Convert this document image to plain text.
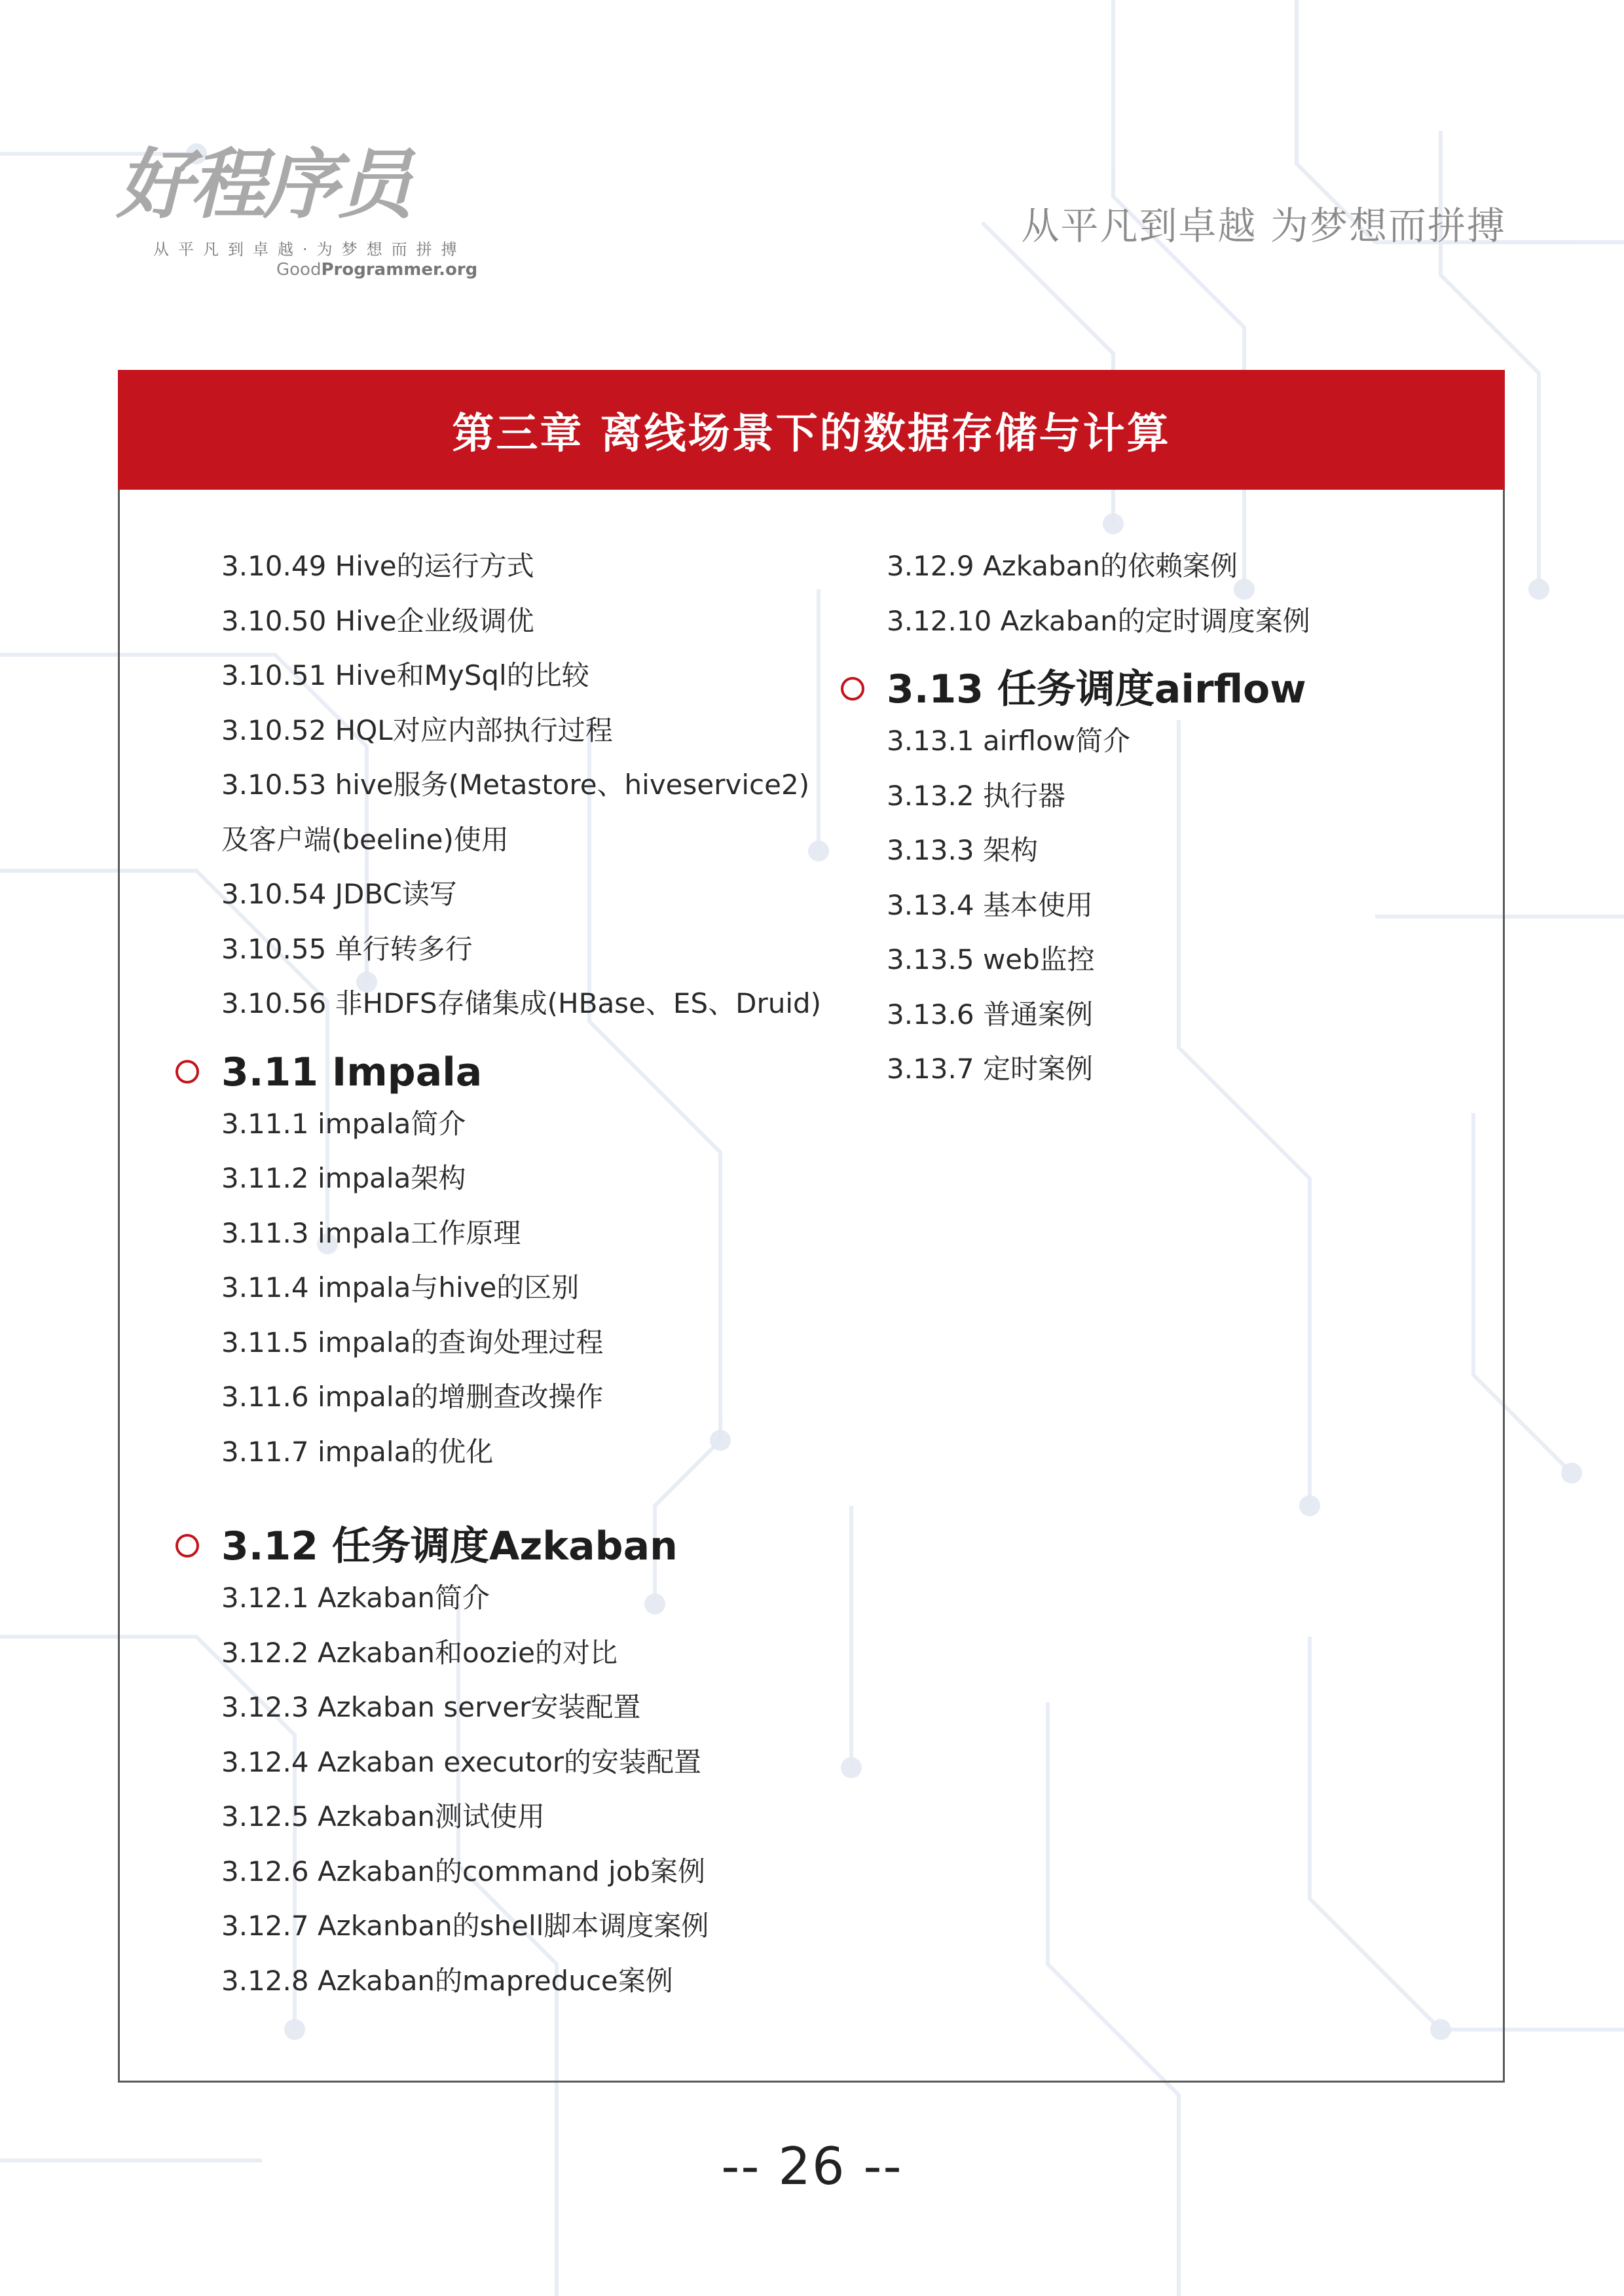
好程序员
从平凡到卓越·为梦想而拼搏
GoodProgrammer.org
从平凡到卓越 为梦想而拼搏
第三章 离线场景下的数据存储与计算
3.10.49 Hive的运行方式
3.10.50 Hive企业级调优
3.10.51 Hive和MySql的比较
3.10.52 HQL对应内部执行过程
3.10.53 hive服务(Metastore、hiveservice2)
及客户端(beeline)使用
3.10.54 JDBC读写
3.10.55 单行转多行
3.10.56 非HDFS存储集成(HBase、ES、Druid)
3.11 Impala
3.11.1 impala简介
3.11.2 impala架构
3.11.3 impala工作原理
3.11.4 impala与hive的区别
3.11.5 impala的查询处理过程
3.11.6 impala的增删查改操作
3.11.7 impala的优化
3.12 任务调度Azkaban
3.12.1 Azkaban简介
3.12.2 Azkaban和oozie的对比
3.12.3 Azkaban server安装配置
3.12.4 Azkaban executor的安装配置
3.12.5 Azkaban测试使用
3.12.6 Azkaban的command job案例
3.12.7 Azkanban的shell脚本调度案例
3.12.8 Azkaban的mapreduce案例
3.12.9 Azkaban的依赖案例
3.12.10 Azkaban的定时调度案例
3.13 任务调度airflow
3.13.1 airflow简介
3.13.2 执行器
3.13.3 架构
3.13.4 基本使用
3.13.5 web监控
3.13.6 普通案例
3.13.7 定时案例
-- 26 --
